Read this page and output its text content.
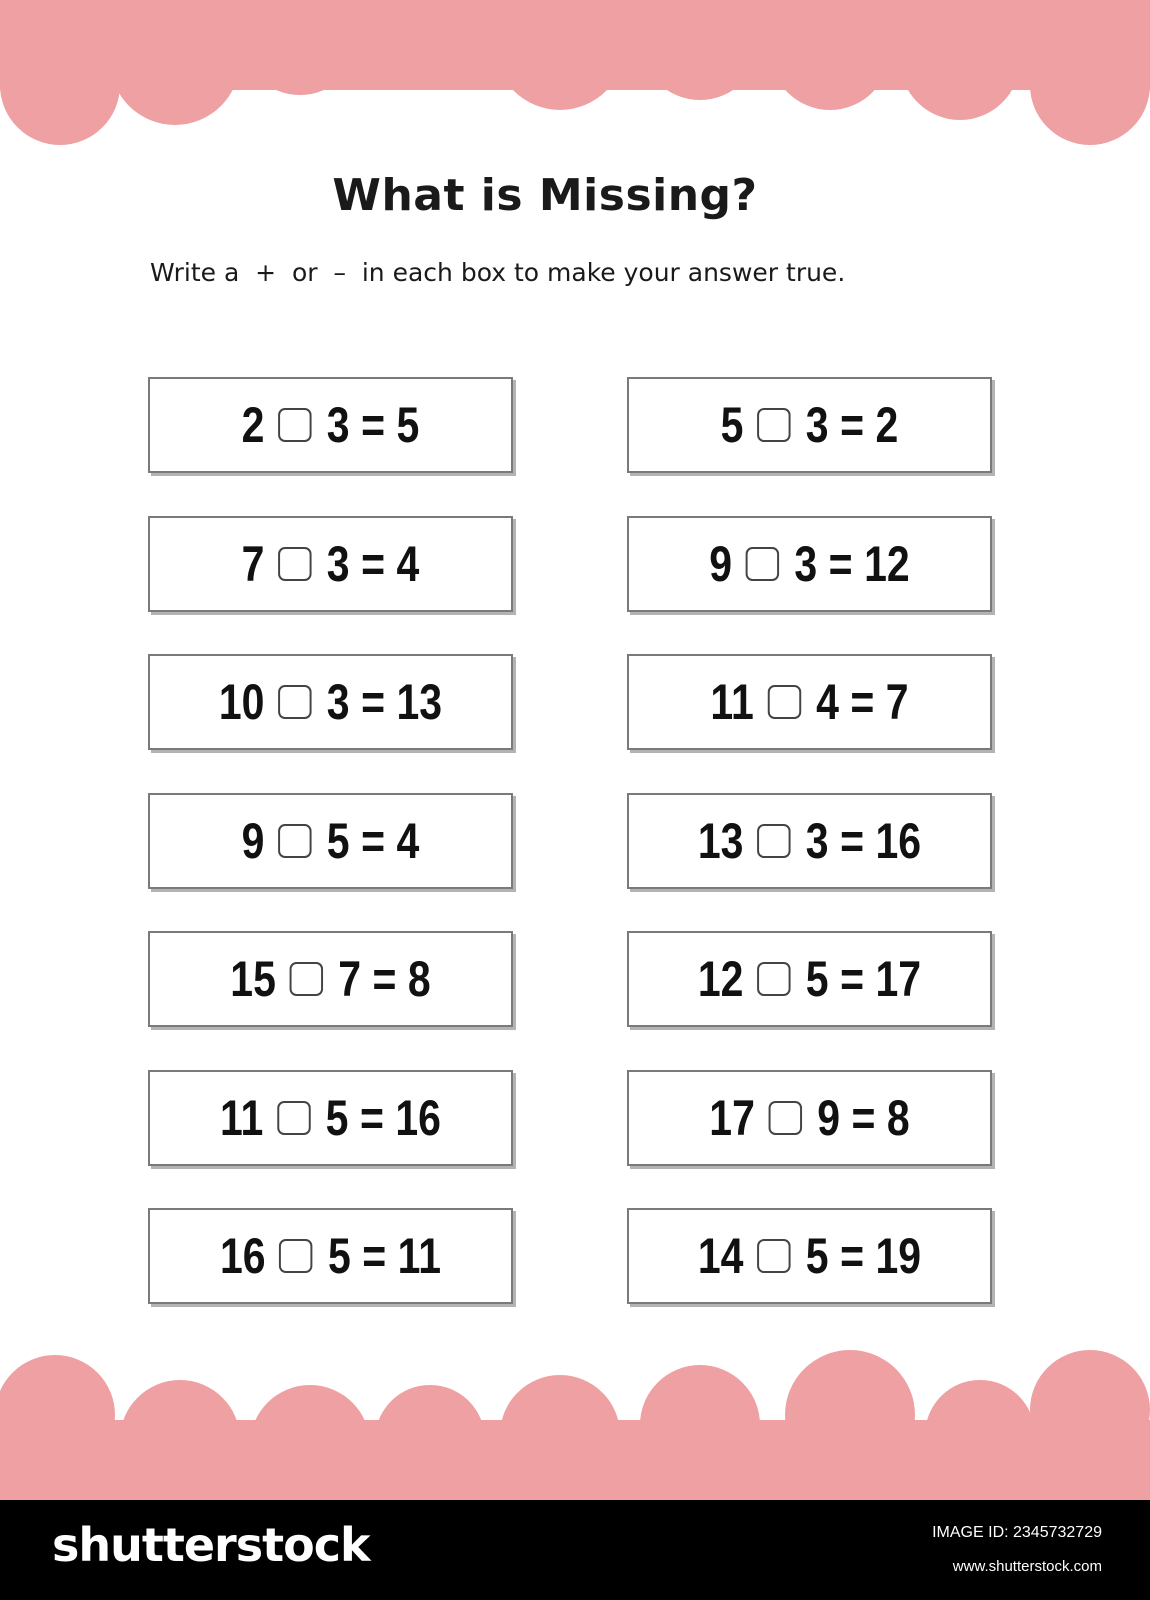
What is Missing?
Write a  +  or  –  in each box to make your answer true.
2 3 = 5	5 3 = 2
7 3 = 4	9 3 = 12
10 3 = 13	11 4 = 7
9 5 = 4	13 3 = 16
15 7 = 8	12 5 = 17
11 5 = 16	17 9 = 8
16 5 = 11	14 5 = 19
shutterstock	IMAGE ID: 2345732729
www.shutterstock.com
